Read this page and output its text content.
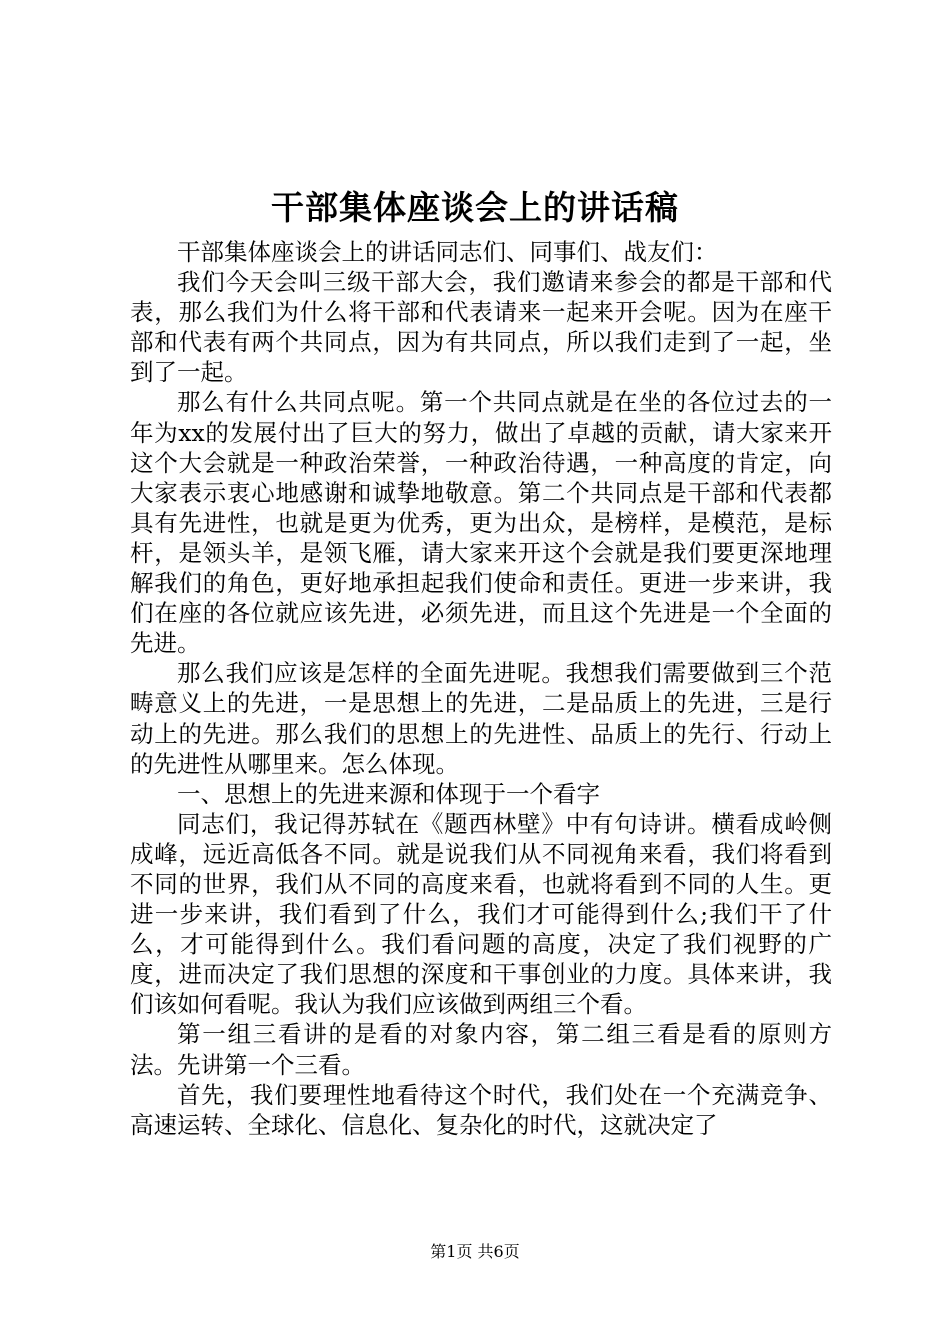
干部集体座谈会上的讲话稿

干部集体座谈会上的讲话同志们、同事们、战友们：

我们今天会叫三级干部大会，我们邀请来参会的都是干部和代表，那么我们为什么将干部和代表请来一起来开会呢。因为在座干部和代表有两个共同点，因为有共同点，所以我们走到了一起，坐到了一起。

那么有什么共同点呢。第一个共同点就是在坐的各位过去的一年为xx的发展付出了巨大的努力，做出了卓越的贡献，请大家来开这个大会就是一种政治荣誉，一种政治待遇，一种高度的肯定，向大家表示衷心地感谢和诚挚地敬意。第二个共同点是干部和代表都具有先进性，也就是更为优秀，更为出众，是榜样，是模范，是标杆，是领头羊，是领飞雁，请大家来开这个会就是我们要更深地理解我们的角色，更好地承担起我们使命和责任。更进一步来讲，我们在座的各位就应该先进，必须先进，而且这个先进是一个全面的先进。

那么我们应该是怎样的全面先进呢。我想我们需要做到三个范畴意义上的先进，一是思想上的先进，二是品质上的先进，三是行动上的先进。那么我们的思想上的先进性、品质上的先行、行动上的先进性从哪里来。怎么体现。

一、思想上的先进来源和体现于一个看字

同志们，我记得苏轼在《题西林壁》中有句诗讲。横看成岭侧成峰，远近高低各不同。就是说我们从不同视角来看，我们将看到不同的世界，我们从不同的高度来看，也就将看到不同的人生。更进一步来讲，我们看到了什么，我们才可能得到什么;我们干了什么，才可能得到什么。我们看问题的高度，决定了我们视野的广度，进而决定了我们思想的深度和干事创业的力度。具体来讲，我们该如何看呢。我认为我们应该做到两组三个看。

第一组三看讲的是看的对象内容，第二组三看是看的原则方法。先讲第一个三看。

首先，我们要理性地看待这个时代，我们处在一个充满竞争、高速运转、全球化、信息化、复杂化的时代，这就决定了

第1页 共6页
